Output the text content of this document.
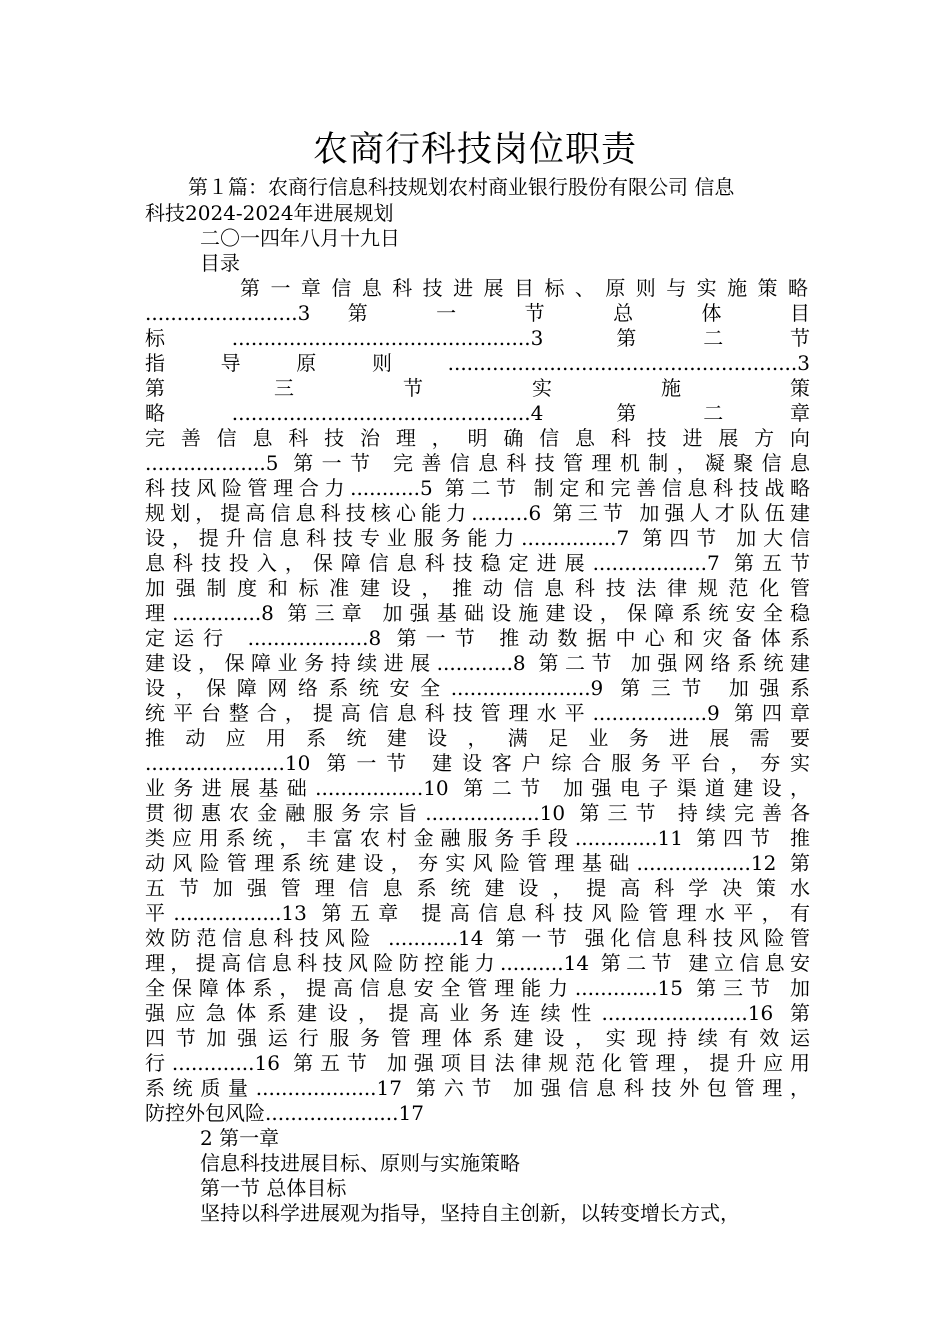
农商行科技岗位职责
第１篇：农商行信息科技规划农村商业银行股份有限公司 信息
科技2024-2024年进展规划
二〇一四年八月十九日
目录
第 一 章 信 息 科 技 进 展 目 标 、 原 则 与 实 施 策 略
........................3 第 一 节 总 体 目
标...............................................3 第二节
指导原则.......................................................3
第 三 节 实 施 策
略...............................................4 第二章
完 善 信 息 科 技 治 理 ， 明 确 信 息 科 技 进 展 方 向
...................5 第一节 完善信息科技管理机制，凝聚信息
科技风险管理合力...........5 第二节 制定和完善信息科技战略
规划，提高信息科技核心能力.........6 第三节 加强人才队伍建
设，提升信息科技专业服务能力...............7 第四节 加大信
息科技投入，保障信息科技稳定进展..................7 第五节
加 强 制 度 和 标 准 建 设 ， 推 动 信 息 科 技 法 律 规 范 化 管
理..............8 第三章 加强基础设施建设，保障系统安全稳
定运行 ...................8 第一节 推动数据中心和灾备体系
建设，保障业务持续进展............8 第二节 加强网络系统建
设，保障网络系统安全......................9 第三节 加强系
统平台整合，提高信息科技管理水平..................9 第四章
推 动 应 用 系 统 建 设 ， 满 足 业 务 进 展 需 要
......................10 第一节 建设客户综合服务平台，夯实
业务进展基础.................10 第二节 加强电子渠道建设，
贯彻惠农金融服务宗旨..................10 第三节 持续完善各
类应用系统，丰富农村金融服务手段.............11 第四节 推
动风险管理系统建设，夯实风险管理基础..................12 第
五 节 加 强 管 理 信 息 系 统 建 设 ， 提 高 科 学 决 策 水
平.................13 第五章 提高信息科技风险管理水平，有
效防范信息科技风险 ...........14 第一节 强化信息科技风险管
理，提高信息科技风险防控能力..........14 第二节 建立信息安
全保障体系，提高信息安全管理能力.............15 第三节 加
强应急体系建设，提高业务连续性.......................16 第
四 节 加 强 运 行 服 务 管 理 体 系 建 设 ， 实 现 持 续 有 效 运
行.............16 第五节 加强项目法律规范化管理，提升应用
系统质量...................17 第六节 加强信息科技外包管理，
防控外包风险.....................17
2 第一章
信息科技进展目标、原则与实施策略
第一节 总体目标
坚持以科学进展观为指导，坚持自主创新，以转变增长方式，
